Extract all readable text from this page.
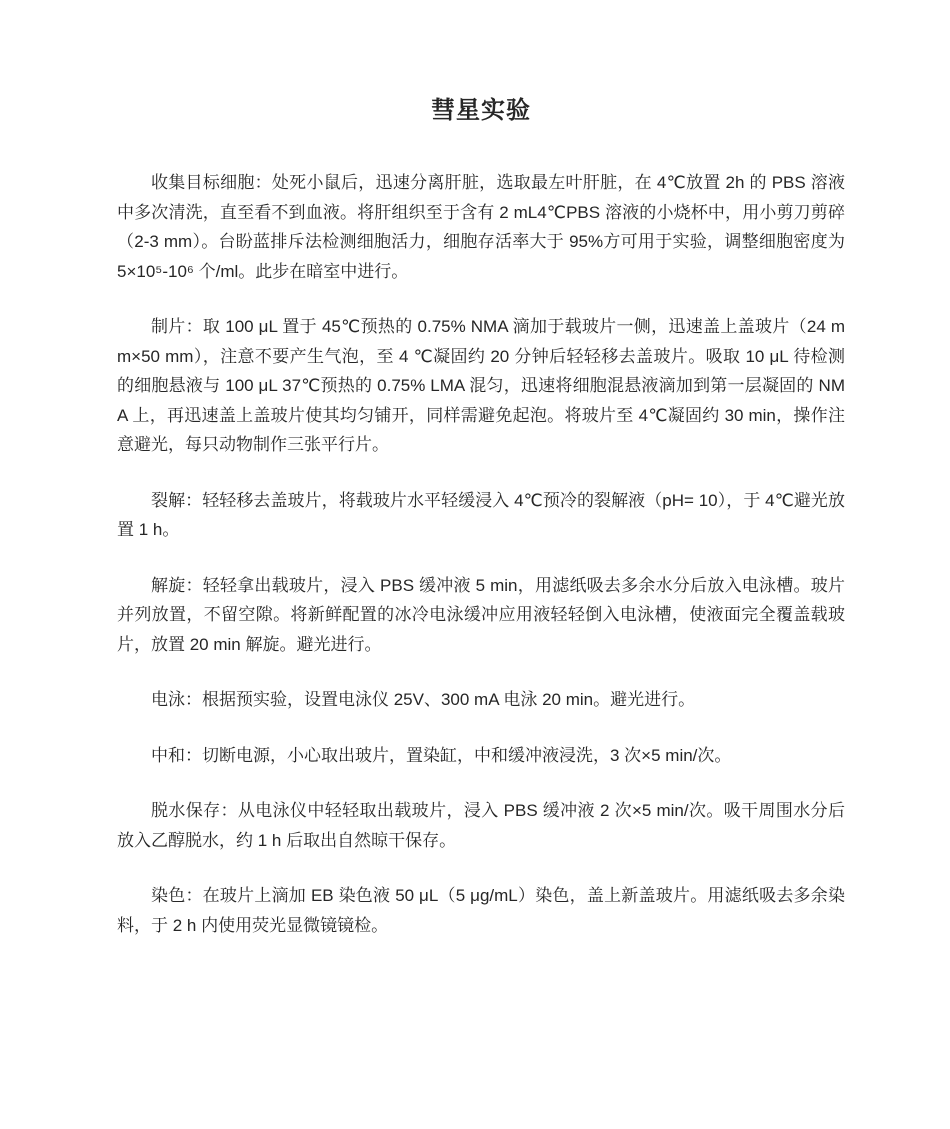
彗星实验

收集目标细胞：处死小鼠后，迅速分离肝脏，选取最左叶肝脏，在 4℃放置 2h 的 PBS 溶液中多次清洗，直至看不到血液。将肝组织至于含有 2 mL4℃PBS 溶液的小烧杯中，用小剪刀剪碎（2-3 mm）。台盼蓝排斥法检测细胞活力，细胞存活率大于 95%方可用于实验，调整细胞密度为 5×10⁵-10⁶ 个/ml。此步在暗室中进行。

制片：取 100 μL 置于 45℃预热的 0.75% NMA 滴加于载玻片一侧，迅速盖上盖玻片（24 mm×50 mm），注意不要产生气泡，至 4 ℃凝固约 20 分钟后轻轻移去盖玻片。吸取 10 μL 待检测的细胞悬液与 100 μL 37℃预热的 0.75% LMA 混匀，迅速将细胞混悬液滴加到第一层凝固的 NMA 上，再迅速盖上盖玻片使其均匀铺开，同样需避免起泡。将玻片至 4℃凝固约 30 min，操作注意避光，每只动物制作三张平行片。

裂解：轻轻移去盖玻片，将载玻片水平轻缓浸入 4℃预冷的裂解液（pH= 10），于 4℃避光放置 1 h。

解旋：轻轻拿出载玻片，浸入 PBS 缓冲液 5 min，用滤纸吸去多余水分后放入电泳槽。玻片并列放置，不留空隙。将新鲜配置的冰冷电泳缓冲应用液轻轻倒入电泳槽，使液面完全覆盖载玻片，放置 20 min 解旋。避光进行。

电泳：根据预实验，设置电泳仪 25V、300 mA 电泳 20 min。避光进行。

中和：切断电源，小心取出玻片，置染缸，中和缓冲液浸洗，3 次×5 min/次。

脱水保存：从电泳仪中轻轻取出载玻片，浸入 PBS 缓冲液 2 次×5 min/次。吸干周围水分后放入乙醇脱水，约 1 h 后取出自然晾干保存。

染色：在玻片上滴加 EB 染色液 50 μL（5 μg/mL）染色，盖上新盖玻片。用滤纸吸去多余染料，于 2 h 内使用荧光显微镜镜检。
